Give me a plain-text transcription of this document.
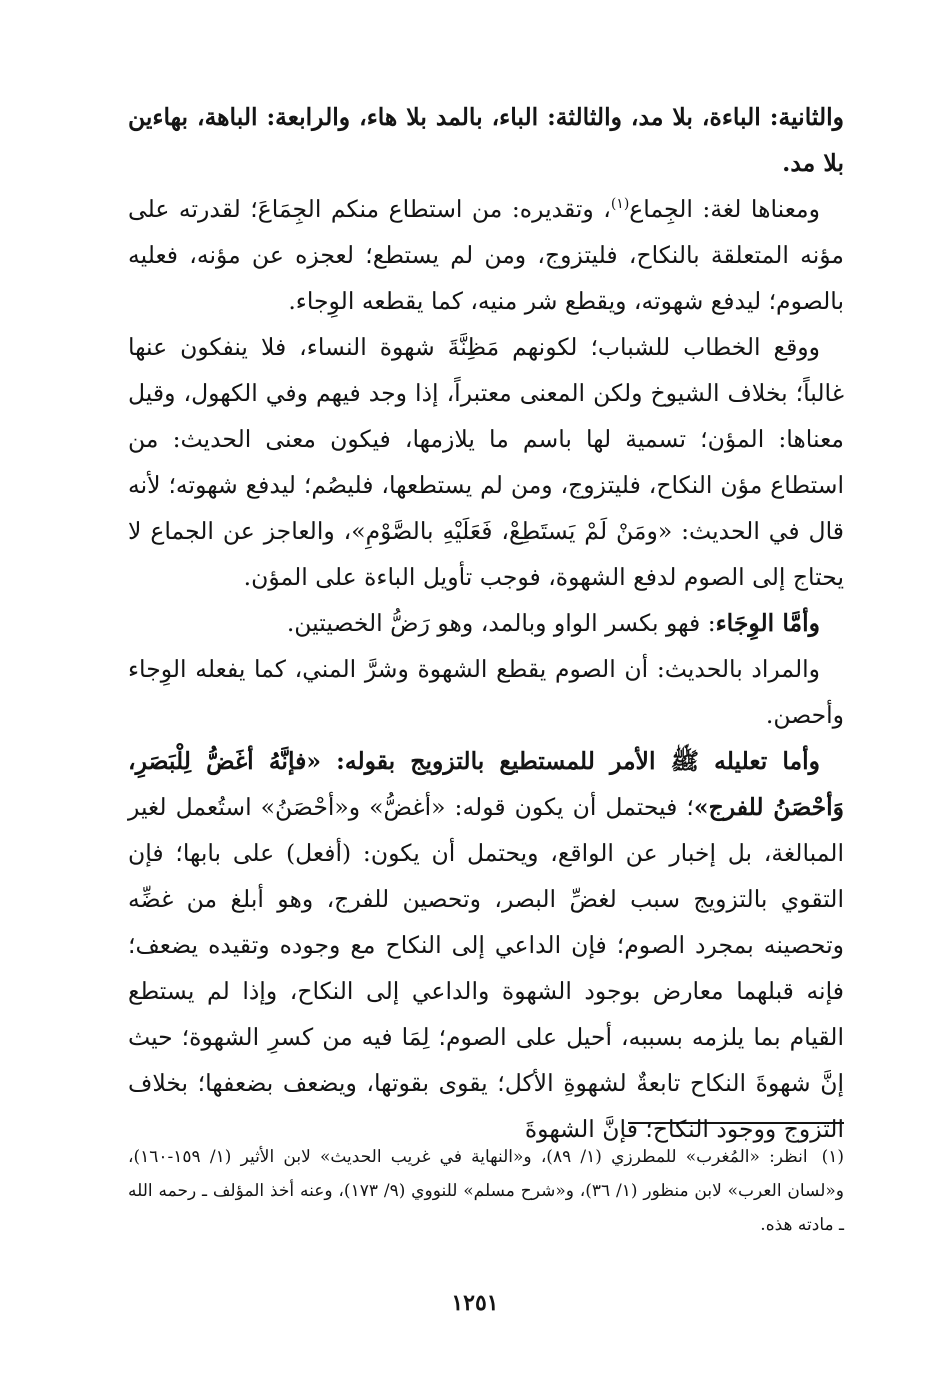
والثانية: الباءة، بلا مد، والثالثة: الباء، بالمد بلا هاء، والرابعة: الباهة، بهاءين بلا مد.

ومعناها لغة: الجِماع$^{(١)}$، وتقديره: من استطاع منكم الجِمَاعَ؛ لقدرته على مؤنه المتعلقة بالنكاح، فليتزوج، ومن لم يستطع؛ لعجزه عن مؤنه، فعليه بالصوم؛ ليدفع شهوته، ويقطع شر منيه، كما يقطعه الوِجاء.

ووقع الخطاب للشباب؛ لكونهم مَظِنَّةَ شهوة النساء، فلا ينفكون عنها غالباً؛ بخلاف الشيوخ ولكن المعنى معتبراً، إذا وجد فيهم وفي الكهول، وقيل معناها: المؤن؛ تسمية لها باسم ما يلازمها، فيكون معنى الحديث: من استطاع مؤن النكاح، فليتزوج، ومن لم يستطعها، فليصُم؛ ليدفع شهوته؛ لأنه قال في الحديث: «ومَنْ لَمْ يَستَطِعْ، فَعَلَيْهِ بالصَّوْمِ»، والعاجز عن الجماع لا يحتاج إلى الصوم لدفع الشهوة، فوجب تأويل الباءة على المؤن.

وأمَّا الوِجَاء: فهو بكسر الواو وبالمد، وهو رَضُّ الخصيتين.

والمراد بالحديث: أن الصوم يقطع الشهوة وشرَّ المني، كما يفعله الوِجاء وأحصن.

وأما تعليله ﷺ الأمر للمستطيع بالتزويج بقوله: «فإنَّهُ أغَضُّ لِلْبَصَرِ، وَأحْصَنُ للفرج»؛ فيحتمل أن يكون قوله: «أغضُّ» و«أحْصَنُ» استُعمل لغير المبالغة، بل إخبار عن الواقع، ويحتمل أن يكون: (أفعل) على بابها؛ فإن التقوي بالتزويج سبب لغضِّ البصر، وتحصين للفرج، وهو أبلغ من غضِّه وتحصينه بمجرد الصوم؛ فإن الداعي إلى النكاح مع وجوده وتقيده يضعف؛ فإنه قبلهما معارض بوجود الشهوة والداعي إلى النكاح، وإذا لم يستطع القيام بما يلزمه بسببه، أحيل على الصوم؛ لِمَا فيه من كسرِ الشهوة؛ حيث إنَّ شهوةَ النكاح تابعةٌ لشهوةِ الأكل؛ يقوى بقوتها، ويضعف بضعفها؛ بخلاف التزوج ووجود النكاح؛ فإنَّ الشهوةَ

(١)انظر: «المُغرب» للمطرزي (١/ ٨٩)، و«النهاية في غريب الحديث» لابن الأثير (١/ ١٥٩-١٦٠)، و«لسان العرب» لابن منظور (١/ ٣٦)، و«شرح مسلم» للنووي (٩/ ١٧٣)، وعنه أخذ المؤلف ـ رحمه الله ـ مادته هذه.

١٢٥١
